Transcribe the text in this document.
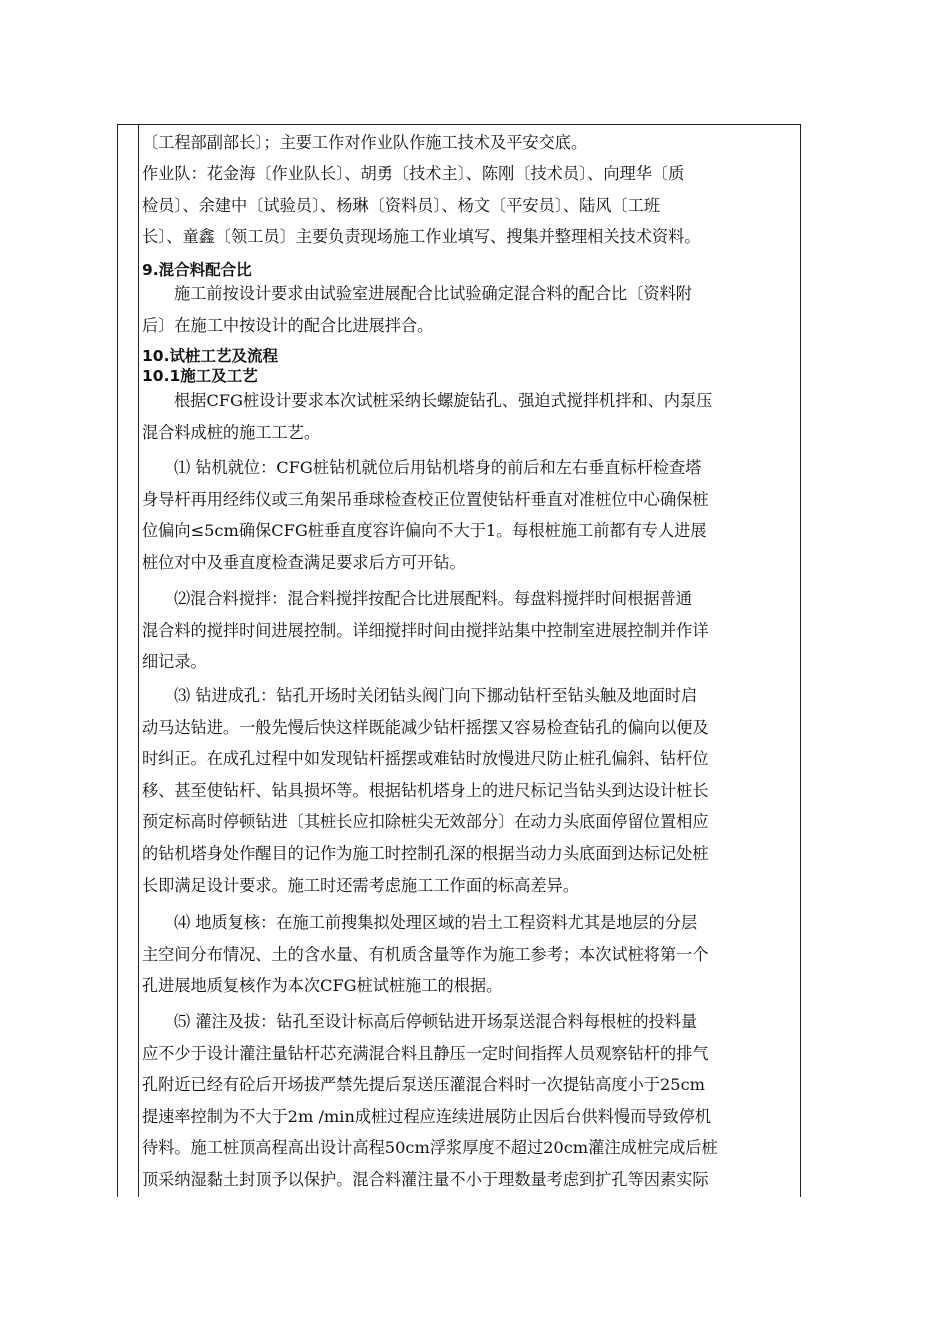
〔工程部副部长〕；主要工作对作业队作施工技术及平安交底。

作业队：花金海〔作业队长〕、胡勇〔技术主〕、陈刚〔技术员〕、向理华〔质

检员〕、余建中〔试验员〕、杨琳〔资料员〕、杨文〔平安员〕、陆风〔工班

长〕、童鑫〔领工员〕主要负责现场施工作业填写、搜集并整理相关技术资料。

9.混合料配合比

施工前按设计要求由试验室进展配合比试验确定混合料的配合比〔资料附

后〕在施工中按设计的配合比进展拌合。

10.试桩工艺及流程

10.1施工及工艺

根据CFG桩设计要求本次试桩采纳长螺旋钻孔、强迫式搅拌机拌和、内泵压

混合料成桩的施工工艺。

⑴ 钻机就位：CFG桩钻机就位后用钻机塔身的前后和左右垂直标杆检查塔

身导杆再用经纬仪或三角架吊垂球检查校正位置使钻杆垂直对准桩位中心确保桩

位偏向≤5cm确保CFG桩垂直度容许偏向不大于1。每根桩施工前都有专人进展

桩位对中及垂直度检查满足要求后方可开钻。

⑵混合料搅拌：混合料搅拌按配合比进展配料。每盘料搅拌时间根据普通

混合料的搅拌时间进展控制。详细搅拌时间由搅拌站集中控制室进展控制并作详

细记录。

⑶ 钻进成孔：钻孔开场时关闭钻头阀门向下挪动钻杆至钻头触及地面时启

动马达钻进。一般先慢后快这样既能减少钻杆摇摆又容易检查钻孔的偏向以便及

时纠正。在成孔过程中如发现钻杆摇摆或难钻时放慢进尺防止桩孔偏斜、钻杆位

移、甚至使钻杆、钻具损坏等。根据钻机塔身上的进尺标记当钻头到达设计桩长

预定标高时停顿钻进〔其桩长应扣除桩尖无效部分〕在动力头底面停留位置相应

的钻机塔身处作醒目的记作为施工时控制孔深的根据当动力头底面到达标记处桩

长即满足设计要求。施工时还需考虑施工工作面的标高差异。

⑷ 地质复核：在施工前搜集拟处理区域的岩土工程资料尤其是地层的分层

主空间分布情况、土的含水量、有机质含量等作为施工参考；本次试桩将第一个

孔进展地质复核作为本次CFG桩试桩施工的根据。

⑸ 灌注及拔：钻孔至设计标高后停顿钻进开场泵送混合料每根桩的投料量

应不少于设计灌注量钻杆芯充满混合料且静压一定时间指挥人员观察钻杆的排气

孔附近已经有砼后开场拔严禁先提后泵送压灌混合料时一次提钻高度小于25cm

提速率控制为不大于2m /min成桩过程应连续进展防止因后台供料慢而导致停机

待料。施工桩顶高程高出设计高程50cm浮浆厚度不超过20cm灌注成桩完成后桩

顶采纳湿黏土封顶予以保护。混合料灌注量不小于理数量考虑到扩孔等因素实际
